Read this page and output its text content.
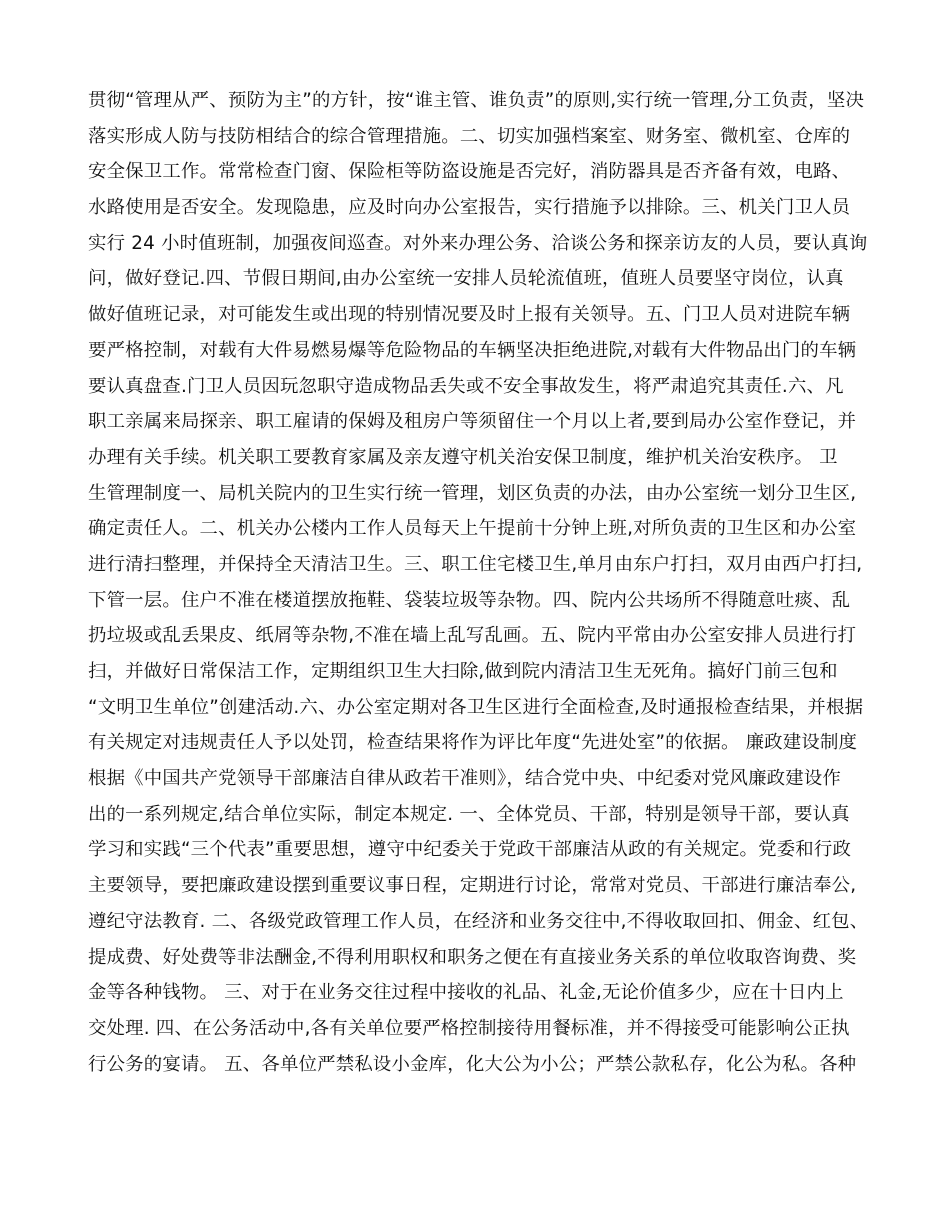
贯彻“管理从严、预防为主”的方针，按“谁主管、谁负责”的原则,实行统一管理,分工负责，坚决
落实形成人防与技防相结合的综合管理措施。二、切实加强档案室、财务室、微机室、仓库的
安全保卫工作。常常检查门窗、保险柜等防盗设施是否完好，消防器具是否齐备有效，电路、
水路使用是否安全。发现隐患，应及时向办公室报告，实行措施予以排除。三、机关门卫人员
实行 24 小时值班制，加强夜间巡查。对外来办理公务、洽谈公务和探亲访友的人员，要认真询
问，做好登记.四、节假日期间,由办公室统一安排人员轮流值班，值班人员要坚守岗位，认真
做好值班记录，对可能发生或出现的特别情况要及时上报有关领导。五、门卫人员对进院车辆
要严格控制，对载有大件易燃易爆等危险物品的车辆坚决拒绝进院,对载有大件物品出门的车辆
要认真盘查.门卫人员因玩忽职守造成物品丢失或不安全事故发生，将严肃追究其责任.六、凡
职工亲属来局探亲、职工雇请的保姆及租房户等须留住一个月以上者,要到局办公室作登记，并
办理有关手续。机关职工要教育家属及亲友遵守机关治安保卫制度，维护机关治安秩序。 卫
生管理制度一、局机关院内的卫生实行统一管理，划区负责的办法，由办公室统一划分卫生区,
确定责任人。二、机关办公楼内工作人员每天上午提前十分钟上班,对所负责的卫生区和办公室
进行清扫整理，并保持全天清洁卫生。三、职工住宅楼卫生,单月由东户打扫，双月由西户打扫,
下管一层。住户不准在楼道摆放拖鞋、袋装垃圾等杂物。四、院内公共场所不得随意吐痰、乱
扔垃圾或乱丢果皮、纸屑等杂物,不准在墙上乱写乱画。五、院内平常由办公室安排人员进行打
扫，并做好日常保洁工作，定期组织卫生大扫除,做到院内清洁卫生无死角。搞好门前三包和
“文明卫生单位”创建活动.六、办公室定期对各卫生区进行全面检查,及时通报检查结果，并根据
有关规定对违规责任人予以处罚，检查结果将作为评比年度“先进处室”的依据。 廉政建设制度
根据《中国共产党领导干部廉洁自律从政若干准则》，结合党中央、中纪委对党风廉政建设作
出的一系列规定,结合单位实际，制定本规定. 一、全体党员、干部，特别是领导干部，要认真
学习和实践“三个代表”重要思想，遵守中纪委关于党政干部廉洁从政的有关规定。党委和行政
主要领导，要把廉政建设摆到重要议事日程，定期进行讨论，常常对党员、干部进行廉洁奉公,
遵纪守法教育. 二、各级党政管理工作人员，在经济和业务交往中,不得收取回扣、佣金、红包、
提成费、好处费等非法酬金,不得利用职权和职务之便在有直接业务关系的单位收取咨询费、奖
金等各种钱物。 三、对于在业务交往过程中接收的礼品、礼金,无论价值多少，应在十日内上
交处理. 四、在公务活动中,各有关单位要严格控制接待用餐标准，并不得接受可能影响公正执
行公务的宴请。 五、各单位严禁私设小金库，化大公为小公；严禁公款私存，化公为私。各种
